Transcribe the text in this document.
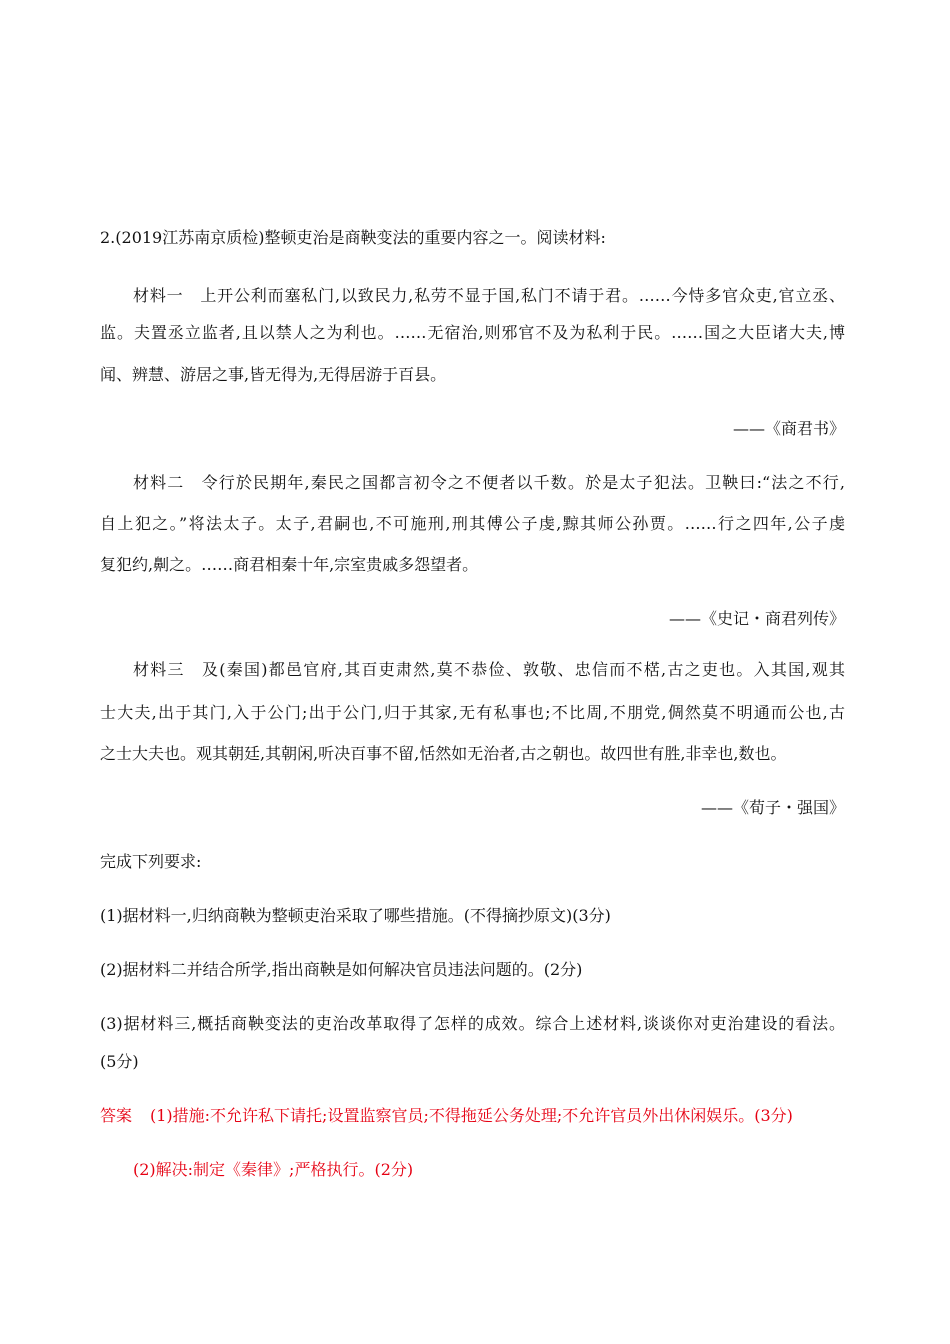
2.(2019江苏南京质检)整顿吏治是商鞅变法的重要内容之一。阅读材料:
材料一　上开公利而塞私门,以致民力,私劳不显于国,私门不请于君。……今恃多官众吏,官立丞、
监。夫置丞立监者,且以禁人之为利也。……无宿治,则邪官不及为私利于民。……国之大臣诸大夫,博
闻、辨慧、游居之事,皆无得为,无得居游于百县。
——《商君书》
材料二　令行於民期年,秦民之国都言初令之不便者以千数。於是太子犯法。卫鞅曰:“法之不行,
自上犯之。”将法太子。太子,君嗣也,不可施刑,刑其傅公子虔,黥其师公孙贾。……行之四年,公子虔
复犯约,劓之。……商君相秦十年,宗室贵戚多怨望者。
——《史记・商君列传》
材料三　及(秦国)都邑官府,其百吏肃然,莫不恭俭、敦敬、忠信而不楛,古之吏也。入其国,观其
士大夫,出于其门,入于公门;出于公门,归于其家,无有私事也;不比周,不朋党,倜然莫不明通而公也,古
之士大夫也。观其朝廷,其朝闲,听决百事不留,恬然如无治者,古之朝也。故四世有胜,非幸也,数也。
——《荀子・强国》
完成下列要求:
(1)据材料一,归纳商鞅为整顿吏治采取了哪些措施。(不得摘抄原文)(3分)
(2)据材料二并结合所学,指出商鞅是如何解决官员违法问题的。(2分)
(3)据材料三,概括商鞅变法的吏治改革取得了怎样的成效。综合上述材料,谈谈你对吏治建设的看法。
(5分)
答案 (1)措施:不允许私下请托;设置监察官员;不得拖延公务处理;不允许官员外出休闲娱乐。(3分)
(2)解决:制定《秦律》;严格执行。(2分)
